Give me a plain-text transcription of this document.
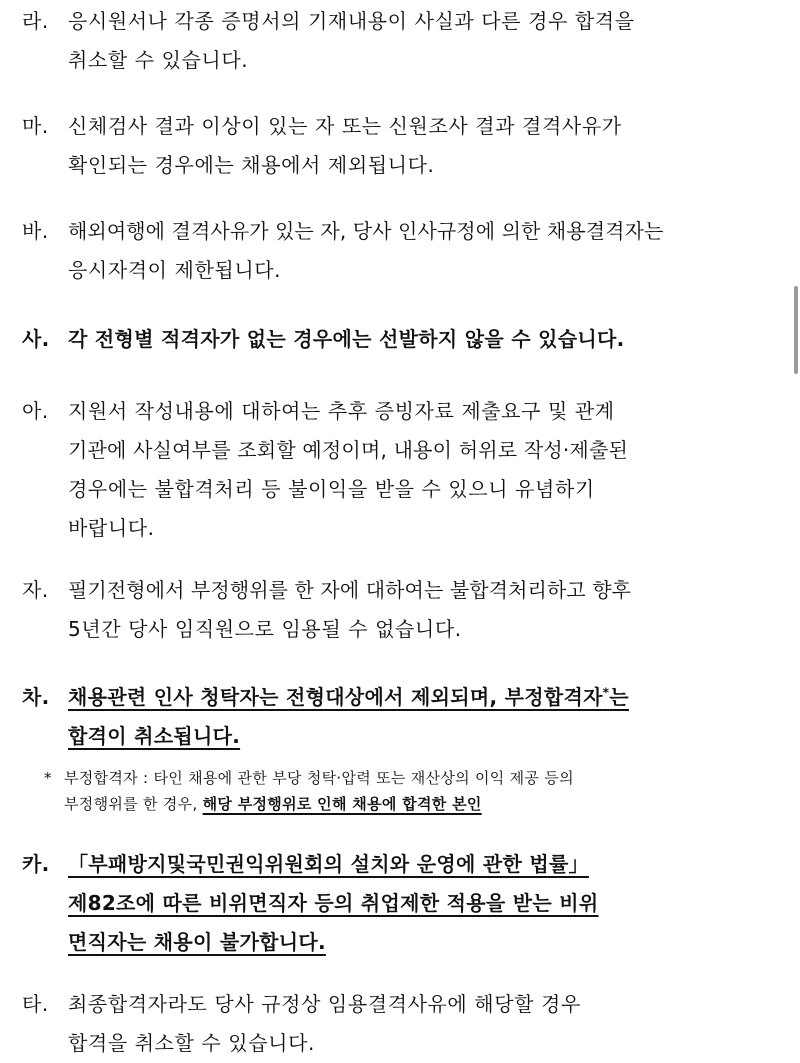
라. 응시원서나 각종 증명서의 기재내용이 사실과 다른 경우 합격을
취소할 수 있습니다.
마. 신체검사 결과 이상이 있는 자 또는 신원조사 결과 결격사유가
확인되는 경우에는 채용에서 제외됩니다.
바. 해외여행에 결격사유가 있는 자, 당사 인사규정에 의한 채용결격자는
응시자격이 제한됩니다.
사. 각 전형별 적격자가 없는 경우에는 선발하지 않을 수 있습니다.
아. 지원서 작성내용에 대하여는 추후 증빙자료 제출요구 및 관계
기관에 사실여부를 조회할 예정이며, 내용이 허위로 작성·제출된
경우에는 불합격처리 등 불이익을 받을 수 있으니 유념하기
바랍니다.
자. 필기전형에서 부정행위를 한 자에 대하여는 불합격처리하고 향후
5년간 당사 임직원으로 임용될 수 없습니다.
차. 채용관련 인사 청탁자는 전형대상에서 제외되며, 부정합격자*는
합격이 취소됩니다.
* 부정합격자 : 타인 채용에 관한 부당 청탁·압력 또는 재산상의 이익 제공 등의
부정행위를 한 경우, 해당 부정행위로 인해 채용에 합격한 본인
카. 「부패방지및국민권익위원회의 설치와 운영에 관한 법률」
제82조에 따른 비위면직자 등의 취업제한 적용을 받는 비위
면직자는 채용이 불가합니다.
타. 최종합격자라도 당사 규정상 임용결격사유에 해당할 경우
합격을 취소할 수 있습니다.
